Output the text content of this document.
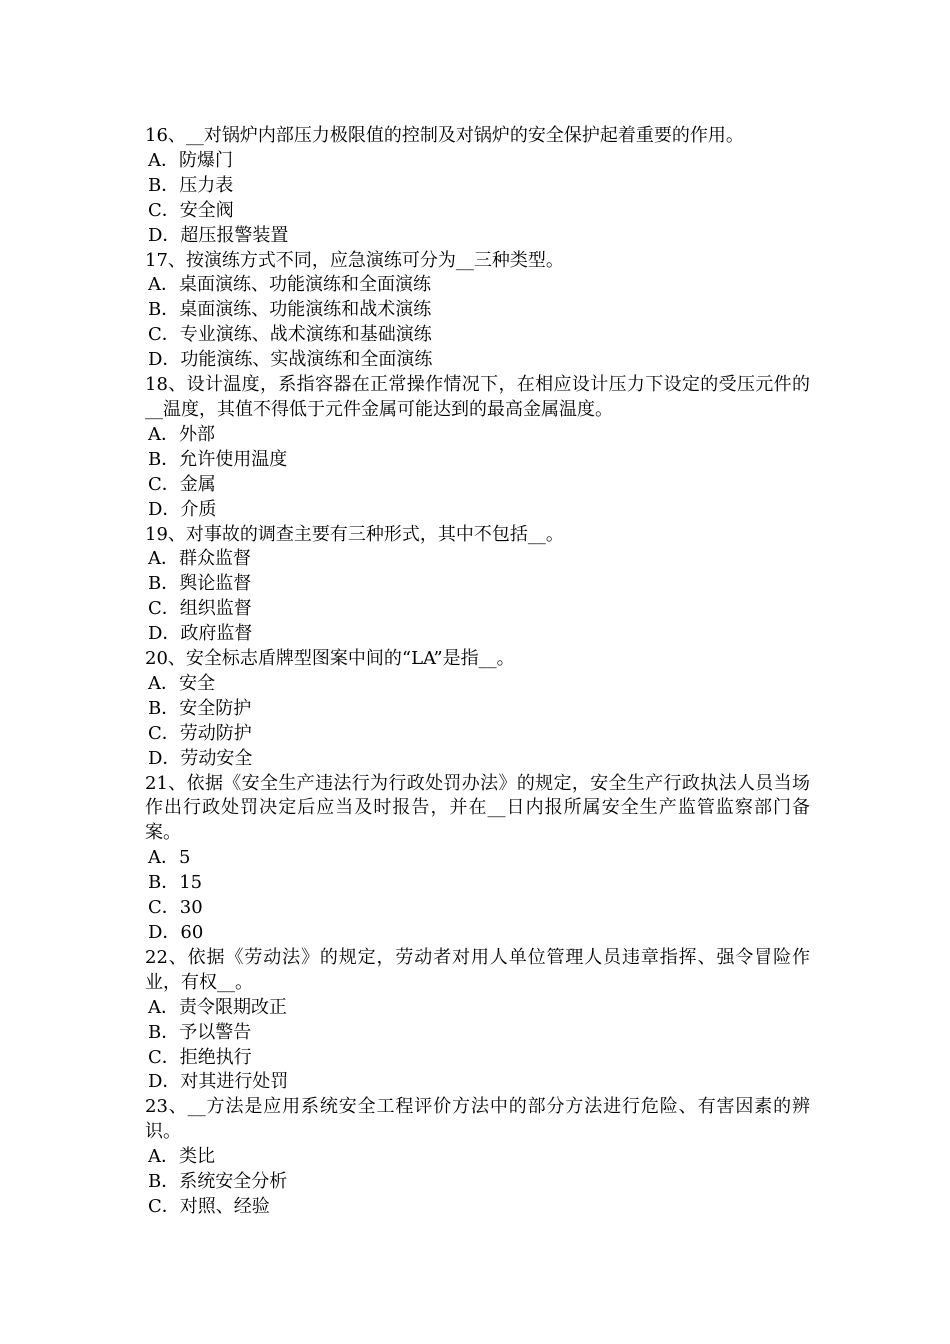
16、__对锅炉内部压力极限值的控制及对锅炉的安全保护起着重要的作用。

A．防爆门

B．压力表

C．安全阀

D．超压报警装置

17、按演练方式不同，应急演练可分为__三种类型。

A．桌面演练、功能演练和全面演练

B．桌面演练、功能演练和战术演练

C．专业演练、战术演练和基础演练

D．功能演练、实战演练和全面演练

18、设计温度，系指容器在正常操作情况下，在相应设计压力下设定的受压元件的__温度，其值不得低于元件金属可能达到的最高金属温度。

A．外部

B．允许使用温度

C．金属

D．介质

19、对事故的调查主要有三种形式，其中不包括__。

A．群众监督

B．舆论监督

C．组织监督

D．政府监督

20、安全标志盾牌型图案中间的“LA”是指__。

A．安全

B．安全防护

C．劳动防护

D．劳动安全

21、依据《安全生产违法行为行政处罚办法》的规定，安全生产行政执法人员当场作出行政处罚决定后应当及时报告，并在__日内报所属安全生产监管监察部门备案。

A．5

B．15

C．30

D．60

22、依据《劳动法》的规定，劳动者对用人单位管理人员违章指挥、强令冒险作业，有权__。

A．责令限期改正

B．予以警告

C．拒绝执行

D．对其进行处罚

23、__方法是应用系统安全工程评价方法中的部分方法进行危险、有害因素的辨识。

A．类比

B．系统安全分析

C．对照、经验
